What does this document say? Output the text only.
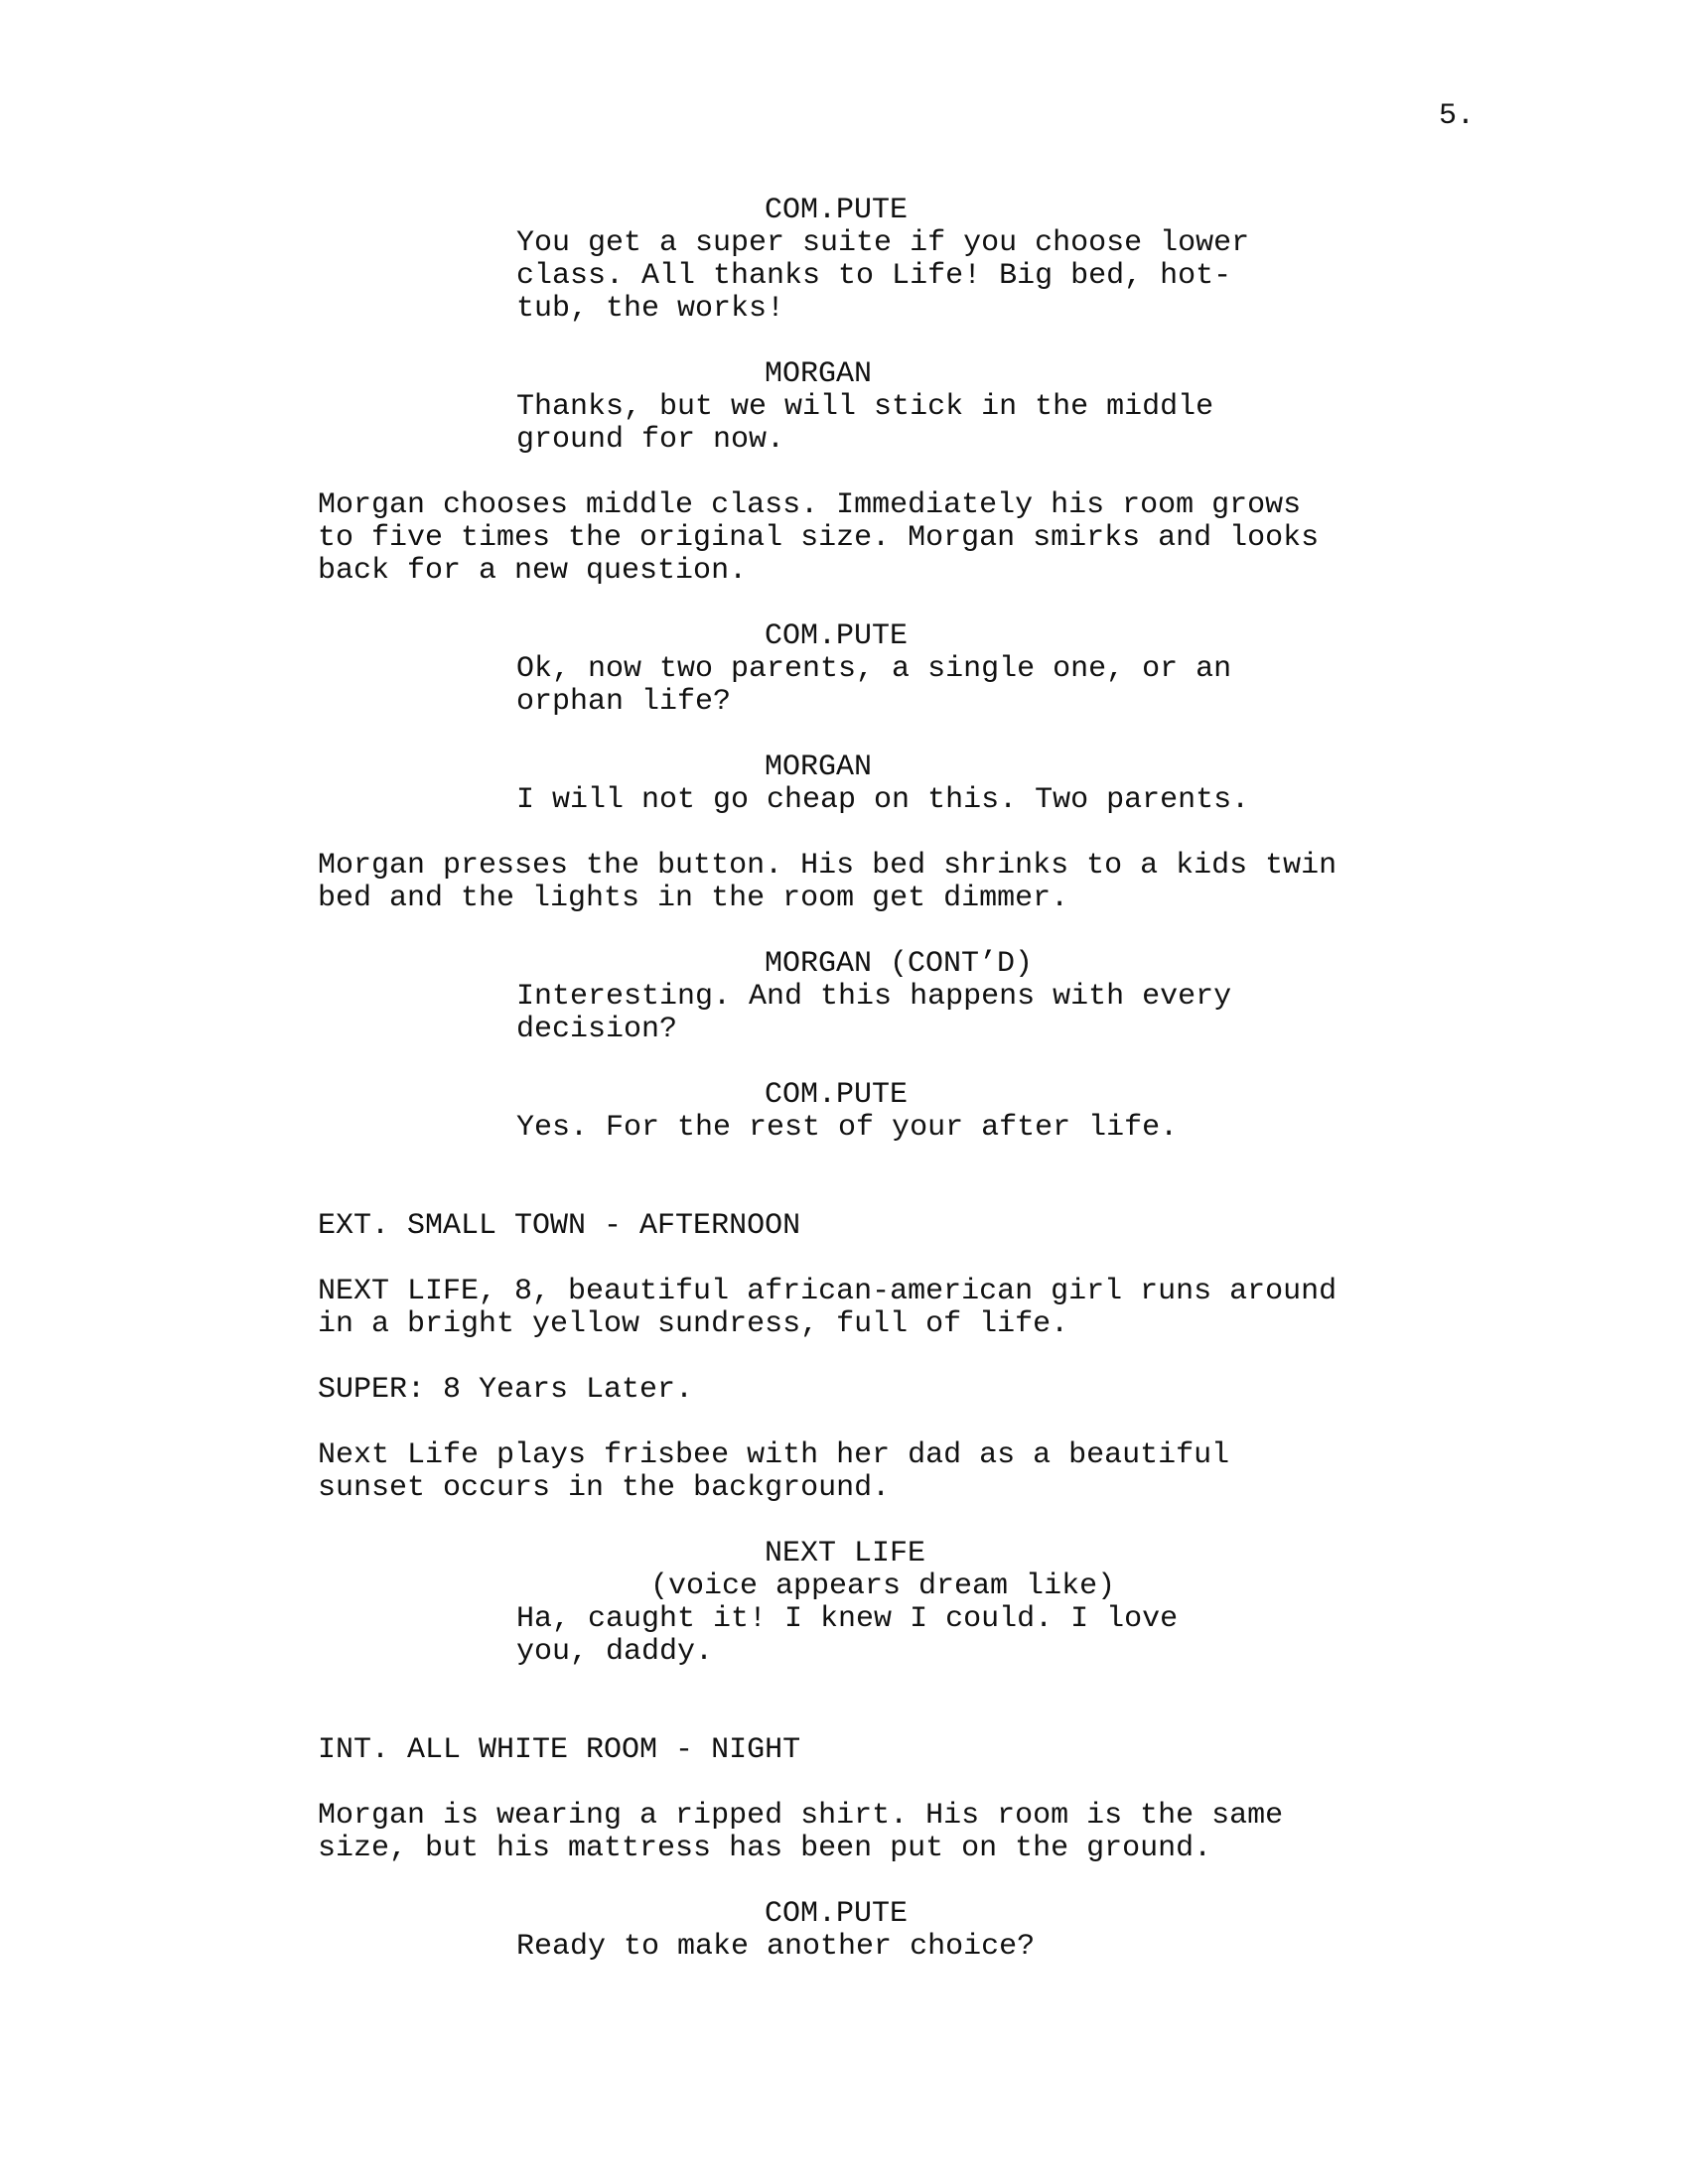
5.

COM.PUTE

You get a super suite if you choose lower
class. All thanks to Life! Big bed, hot-
tub, the works!

MORGAN

Thanks, but we will stick in the middle
ground for now.

Morgan chooses middle class. Immediately his room grows
to five times the original size. Morgan smirks and looks
back for a new question.

COM.PUTE

Ok, now two parents, a single one, or an
orphan life?

MORGAN

I will not go cheap on this. Two parents.

Morgan presses the button. His bed shrinks to a kids twin
bed and the lights in the room get dimmer.

MORGAN (CONT’D)

Interesting. And this happens with every
decision?

COM.PUTE

Yes. For the rest of your after life.

EXT. SMALL TOWN - AFTERNOON

NEXT LIFE, 8, beautiful african-american girl runs around
in a bright yellow sundress, full of life.

SUPER: 8 Years Later.

Next Life plays frisbee with her dad as a beautiful
sunset occurs in the background.

NEXT LIFE

(voice appears dream like)

Ha, caught it! I knew I could. I love
you, daddy.

INT. ALL WHITE ROOM - NIGHT

Morgan is wearing a ripped shirt. His room is the same
size, but his mattress has been put on the ground.

COM.PUTE

Ready to make another choice?
